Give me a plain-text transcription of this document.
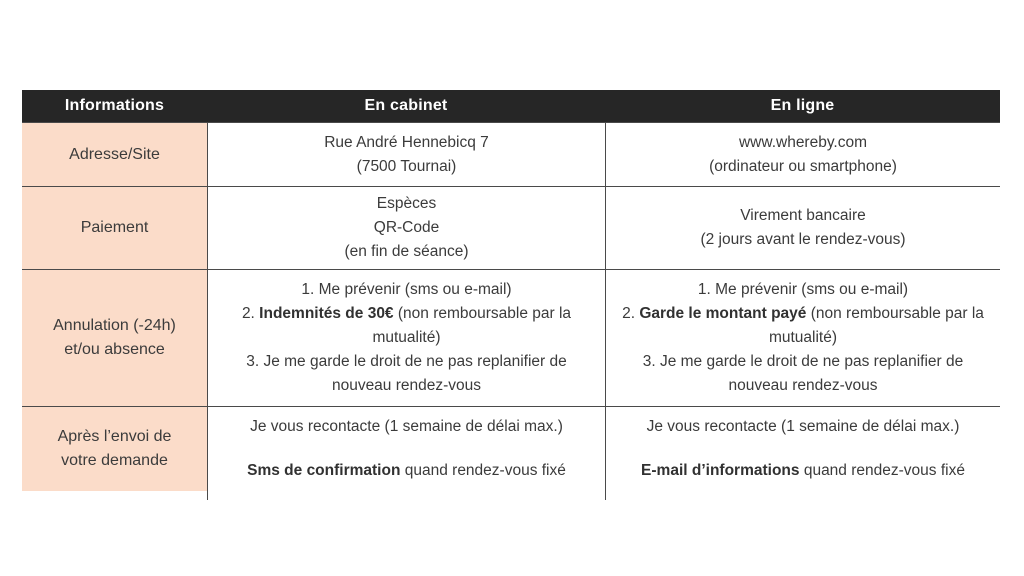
Informations	En cabinet	En ligne
Adresse/Site
Rue André Hennebicq 7
(7500 Tournai)
www.whereby.com
(ordinateur ou smartphone)
Paiement
Espèces
QR-Code
(en fin de séance)
Virement bancaire
(2 jours avant le rendez-vous)
Annulation (-24h)
et/ou absence
1. Me prévenir (sms ou e-mail)
2. Indemnités de 30€ (non remboursable par la mutualité)
3. Je me garde le droit de ne pas replanifier de nouveau rendez-vous
1. Me prévenir (sms ou e-mail)
2. Garde le montant payé (non remboursable par la mutualité)
3. Je me garde le droit de ne pas replanifier de nouveau rendez-vous
Après l’envoi de
votre demande
Je vous recontacte (1 semaine de délai max.)
Sms de confirmation quand rendez-vous fixé
Je vous recontacte (1 semaine de délai max.)
E-mail d’informations quand rendez-vous fixé
